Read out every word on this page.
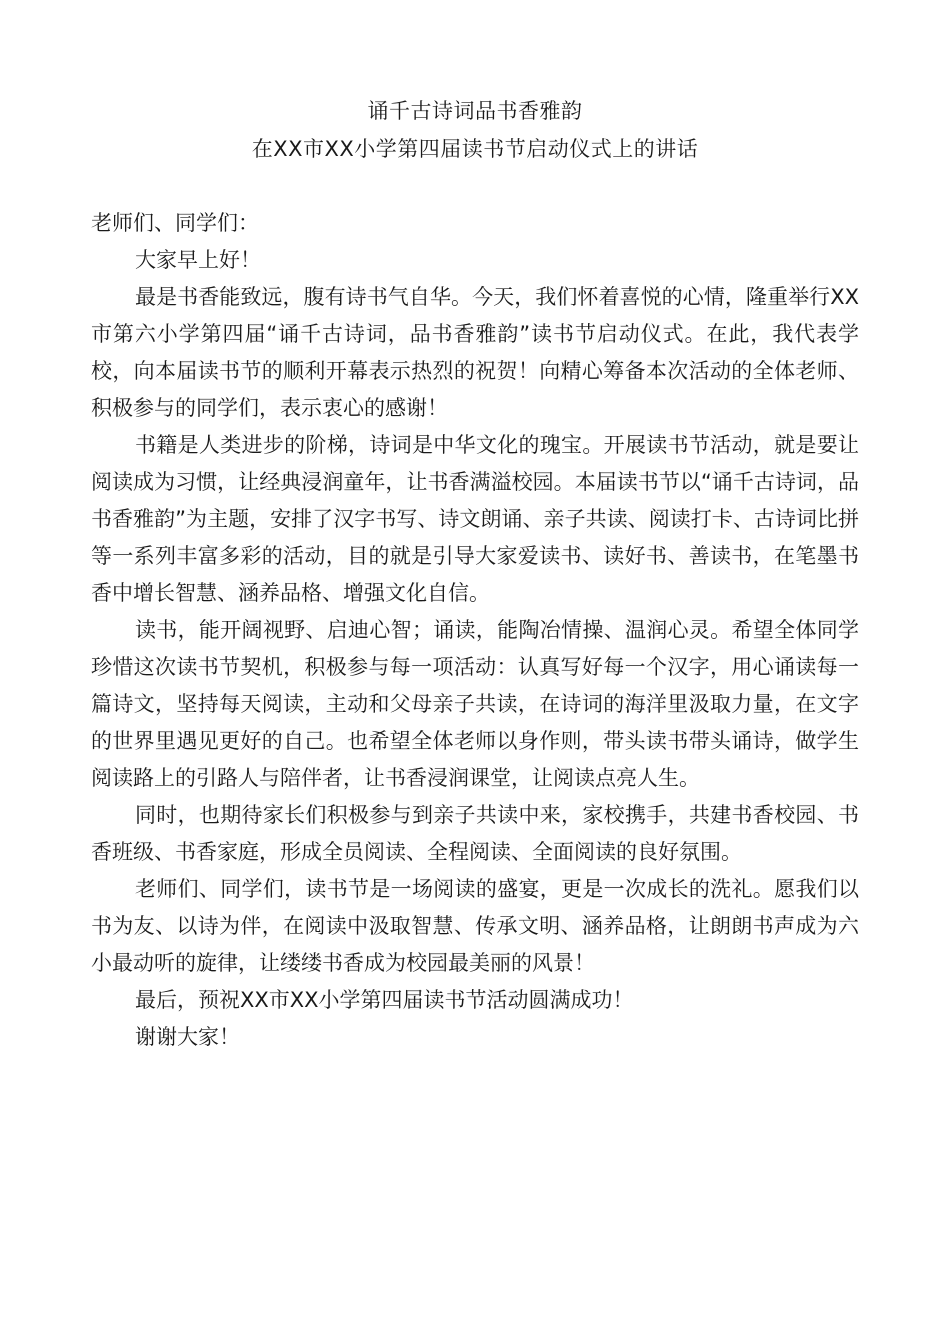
诵千古诗词品书香雅韵
在XX市XX小学第四届读书节启动仪式上的讲话

老师们、同学们：

大家早上好！

最是书香能致远，腹有诗书气自华。今天，我们怀着喜悦的心情，隆重举行XX市第六小学第四届“诵千古诗词，品书香雅韵”读书节启动仪式。在此，我代表学校，向本届读书节的顺利开幕表示热烈的祝贺！向精心筹备本次活动的全体老师、积极参与的同学们，表示衷心的感谢！

书籍是人类进步的阶梯，诗词是中华文化的瑰宝。开展读书节活动，就是要让阅读成为习惯，让经典浸润童年，让书香满溢校园。本届读书节以“诵千古诗词，品书香雅韵”为主题，安排了汉字书写、诗文朗诵、亲子共读、阅读打卡、古诗词比拼等一系列丰富多彩的活动，目的就是引导大家爱读书、读好书、善读书，在笔墨书香中增长智慧、涵养品格、增强文化自信。

读书，能开阔视野、启迪心智；诵读，能陶冶情操、温润心灵。希望全体同学珍惜这次读书节契机，积极参与每一项活动：认真写好每一个汉字，用心诵读每一篇诗文，坚持每天阅读，主动和父母亲子共读，在诗词的海洋里汲取力量，在文字的世界里遇见更好的自己。也希望全体老师以身作则，带头读书带头诵诗，做学生阅读路上的引路人与陪伴者，让书香浸润课堂，让阅读点亮人生。

同时，也期待家长们积极参与到亲子共读中来，家校携手，共建书香校园、书香班级、书香家庭，形成全员阅读、全程阅读、全面阅读的良好氛围。

老师们、同学们，读书节是一场阅读的盛宴，更是一次成长的洗礼。愿我们以书为友、以诗为伴，在阅读中汲取智慧、传承文明、涵养品格，让朗朗书声成为六小最动听的旋律，让缕缕书香成为校园最美丽的风景！

最后，预祝XX市XX小学第四届读书节活动圆满成功！

谢谢大家！
